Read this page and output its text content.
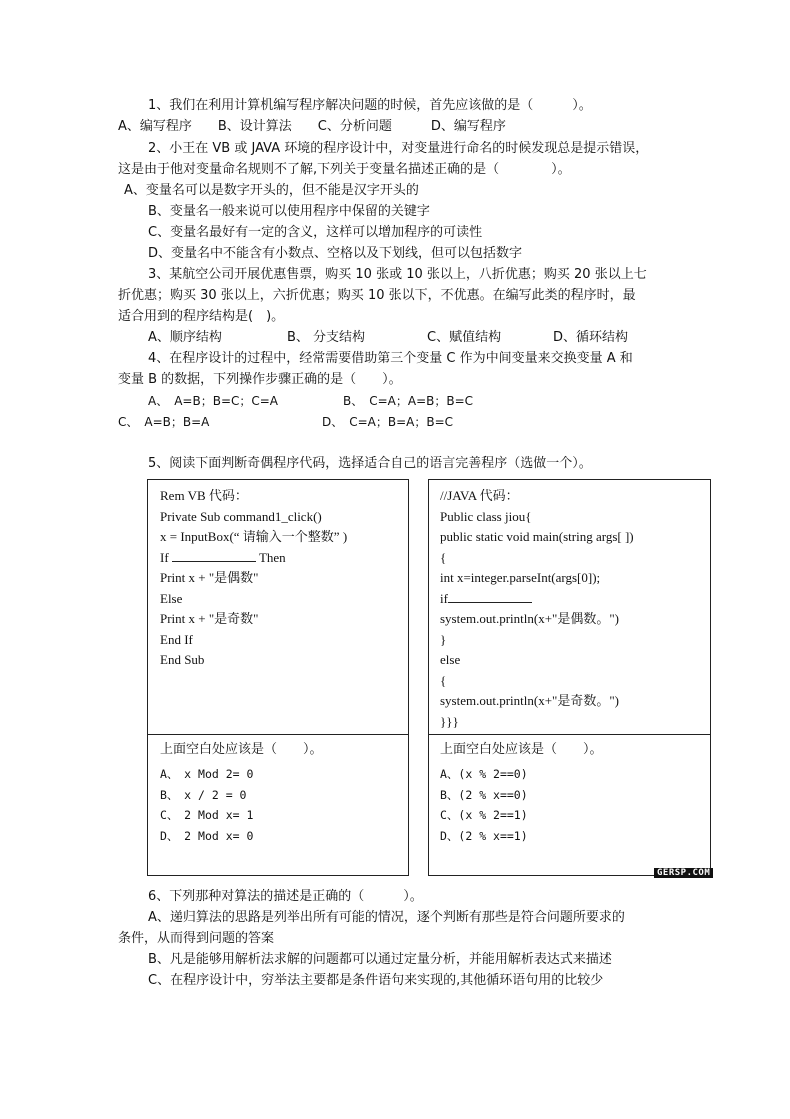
1、我们在利用计算机编写程序解决问题的时候，首先应该做的是（　　　）。
A、编写程序　　B、设计算法　　C、分析问题　　　D、编写程序
2、小王在 VB 或 JAVA 环境的程序设计中，对变量进行命名的时候发现总是提示错误，
这是由于他对变量命名规则不了解,下列关于变量名描述正确的是（　　　　）。
A、变量名可以是数字开头的，但不能是汉字开头的
B、变量名一般来说可以使用程序中保留的关键字
C、变量名最好有一定的含义，这样可以增加程序的可读性
D、变量名中不能含有小数点、空格以及下划线，但可以包括数字
3、某航空公司开展优惠售票，购买 10 张或 10 张以上，八折优惠；购买 20 张以上七
折优惠；购买 30 张以上，六折优惠；购买 10 张以下，不优惠。在编写此类的程序时，最
适合用到的程序结构是(　)。
A、顺序结构	B、 分支结构	C、赋值结构	D、循环结构
4、在程序设计的过程中，经常需要借助第三个变量 C 作为中间变量来交换变量 A 和
变量 B 的数据，下列操作步骤正确的是（　　）。
A、　A=B；B=C；C=A	B、　C=A；A=B；B=C
C、　A=B；B=A	D、　C=A；B=A；B=C
5、阅读下面判断奇偶程序代码，选择适合自己的语言完善程序（选做一个）。
Rem VB 代码：
Private Sub command1_click()
x = InputBox(“ 请输入一个整数” )
If	Then
Print x + "是偶数"
Else
Print x + "是奇数"
End If
End Sub
上面空白处应该是（　　）。
A、　x Mod 2= 0
B、　x / 2 = 0
C、　2 Mod x= 1
D、　2 Mod x= 0
//JAVA 代码：
Public class jiou{
public static void main(string args[ ])
{
int x=integer.parseInt(args[0]);
if
system.out.println(x+"是偶数。")
}
else
{
system.out.println(x+"是奇数。")
}}}
上面空白处应该是（　　）。
A、(x % 2==0)
B、(2 % x==0)
C、(x % 2==1)
D、(2 % x==1)
GERSP.COM
6、下列那种对算法的描述是正确的（　　　）。
A、递归算法的思路是列举出所有可能的情况，逐个判断有那些是符合问题所要求的
条件，从而得到问题的答案
B、凡是能够用解析法求解的问题都可以通过定量分析，并能用解析表达式来描述
C、在程序设计中，穷举法主要都是条件语句来实现的,其他循环语句用的比较少
